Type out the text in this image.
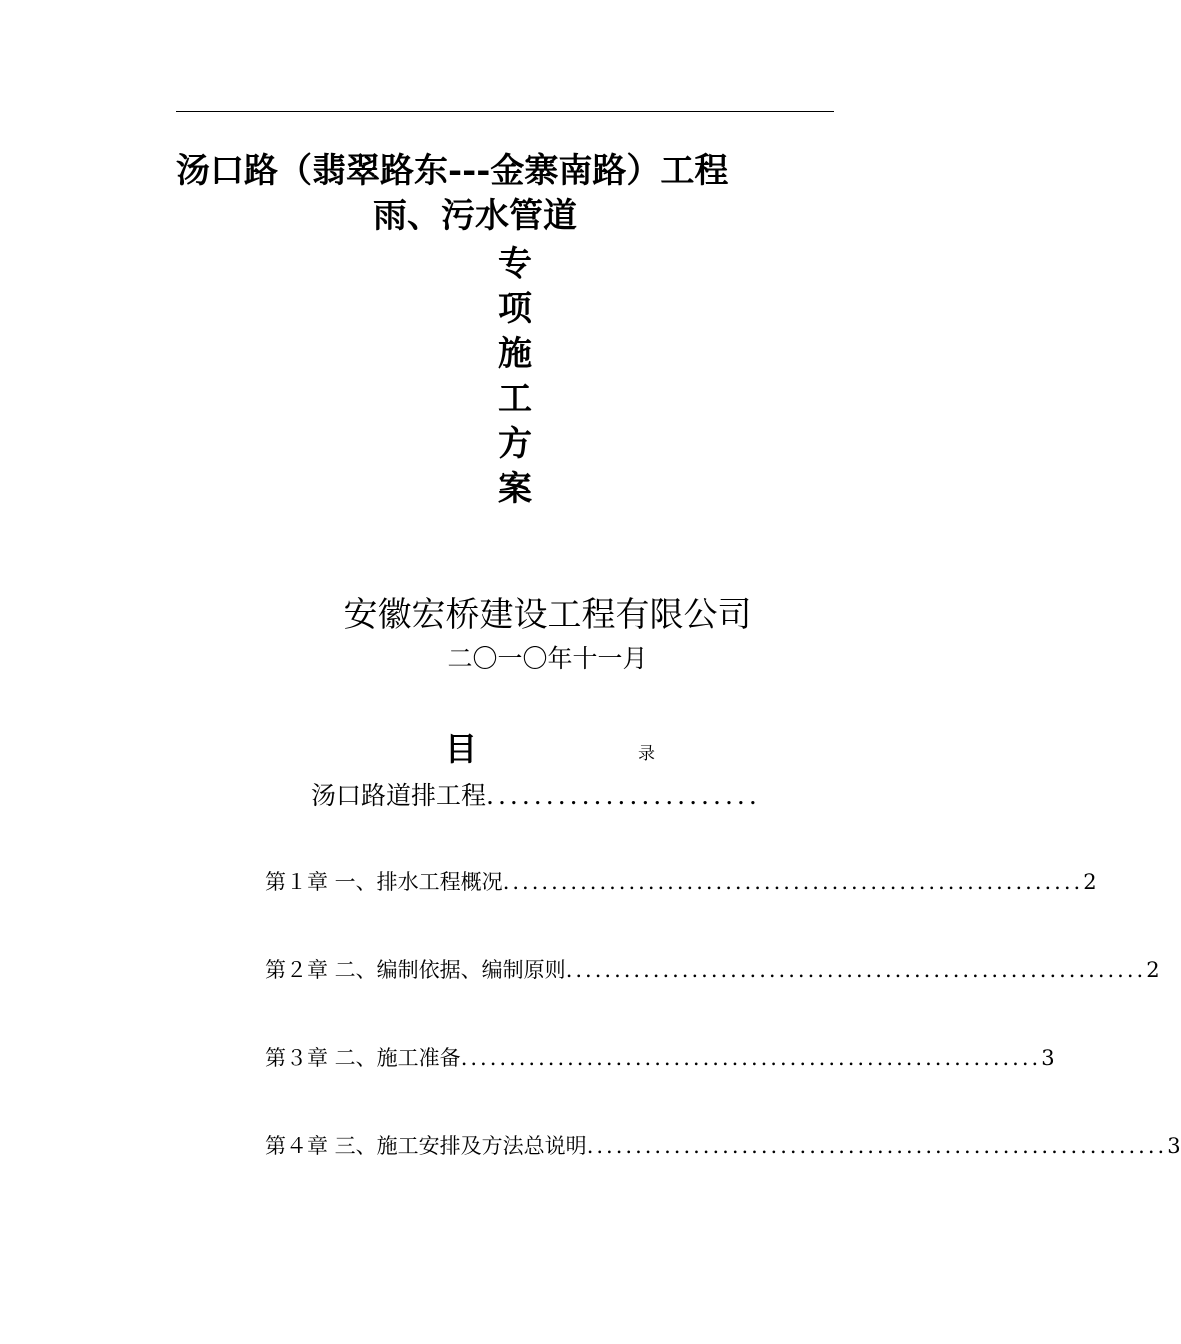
汤口路（翡翠路东---金寨南路）工程
雨、污水管道
专
项
施
工
方
案
安徽宏桥建设工程有限公司
二〇一〇年十一月
目	录
汤口路道排工程.......................
第１章 一、排水工程概况 ............................................................ 2
第２章 二、编制依据、编制原则 ............................................................ 2
第３章 二、施工准备 ............................................................ 3
第４章 三、施工安排及方法总说明 ............................................................ 3
